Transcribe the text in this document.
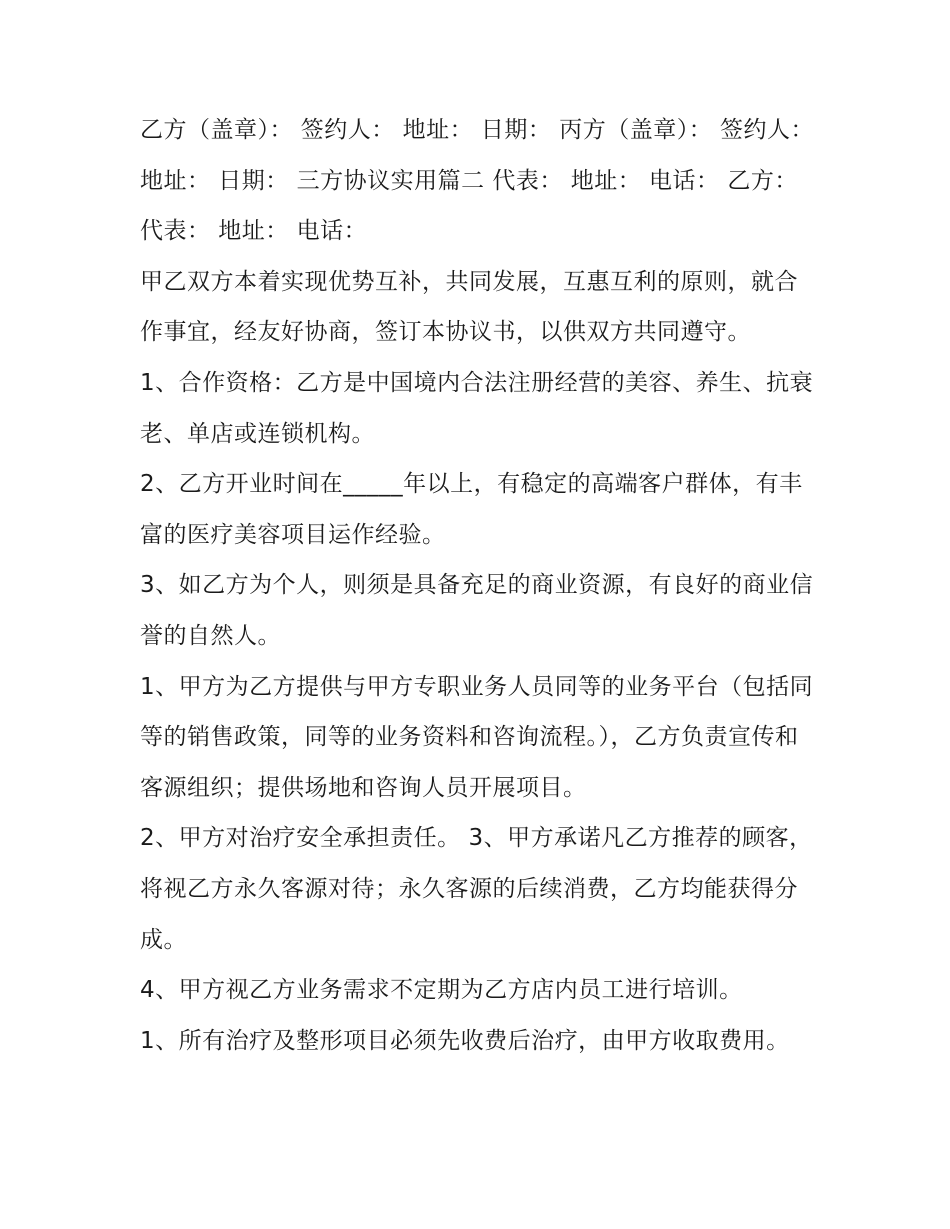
乙方（盖章）： 签约人： 地址： 日期： 丙方（盖章）： 签约人： 地址： 日期： 三方协议实用篇二 代表： 地址： 电话： 乙方： 代表： 地址： 电话：

甲乙双方本着实现优势互补，共同发展，互惠互利的原则，就合作事宜，经友好协商，签订本协议书，以供双方共同遵守。

1、合作资格：乙方是中国境内合法注册经营的美容、养生、抗衰老、单店或连锁机构。

2、乙方开业时间在_____年以上，有稳定的高端客户群体，有丰富的医疗美容项目运作经验。

3、如乙方为个人，则须是具备充足的商业资源，有良好的商业信誉的自然人。

1、甲方为乙方提供与甲方专职业务人员同等的业务平台（包括同等的销售政策，同等的业务资料和咨询流程。），乙方负责宣传和客源组织；提供场地和咨询人员开展项目。

2、甲方对治疗安全承担责任。 3、甲方承诺凡乙方推荐的顾客，将视乙方永久客源对待；永久客源的后续消费，乙方均能获得分成。

4、甲方视乙方业务需求不定期为乙方店内员工进行培训。

1、所有治疗及整形项目必须先收费后治疗，由甲方收取费用。
